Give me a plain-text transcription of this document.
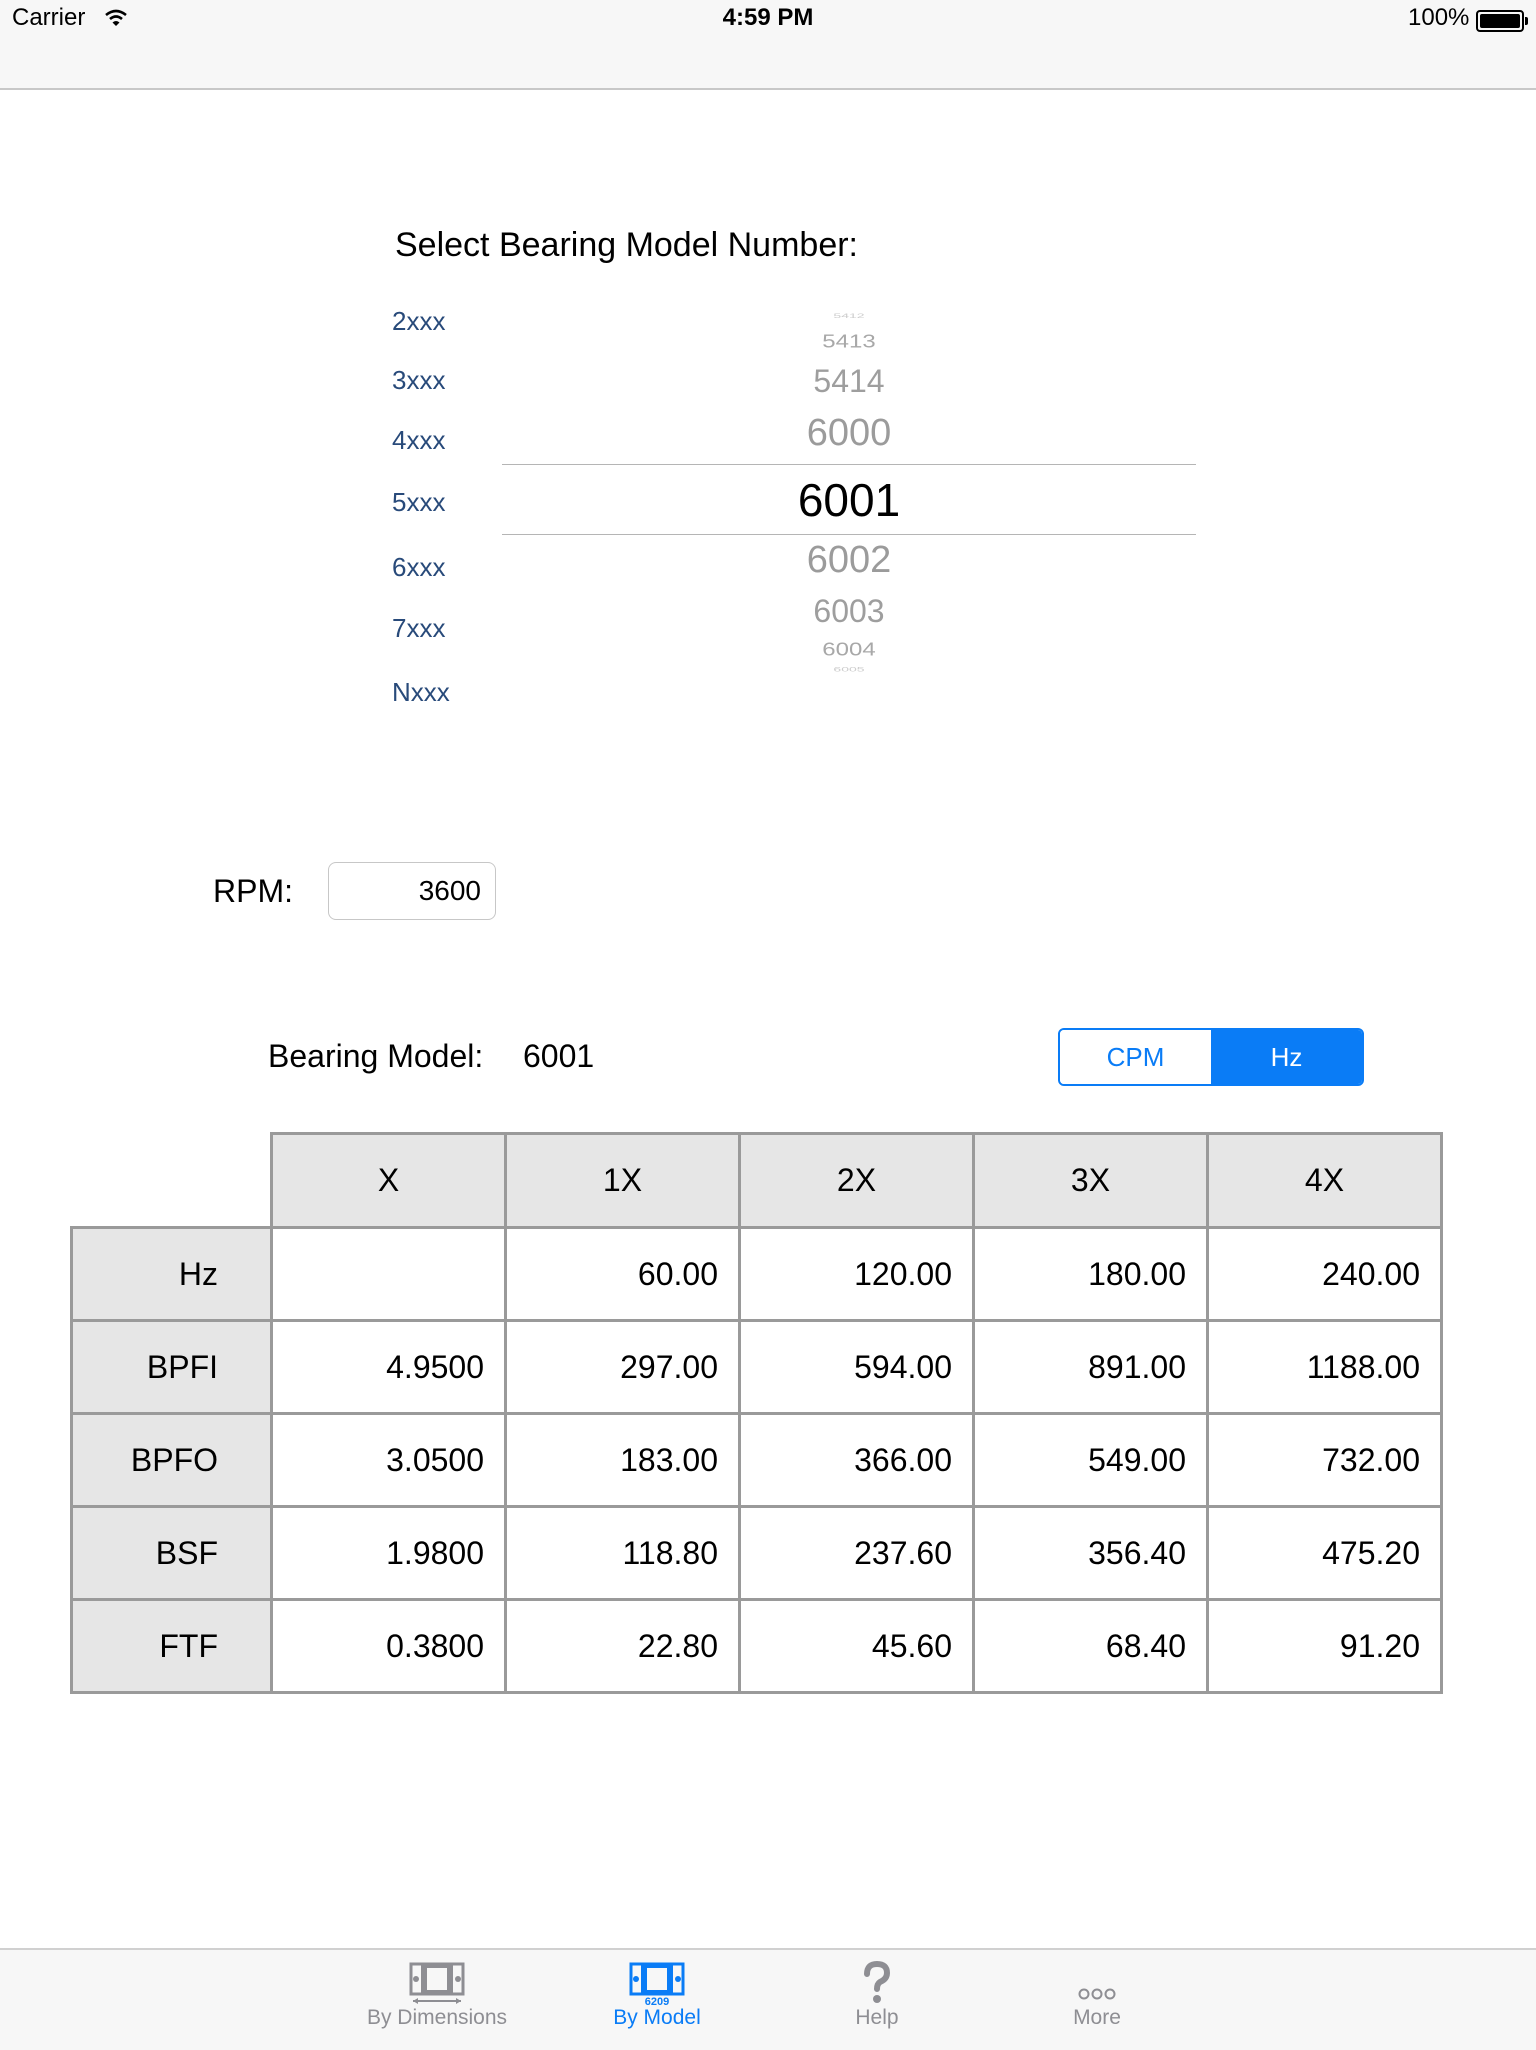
Carrier	4:59 PM	100%
Select Bearing Model Number:
2xxx
3xxx
4xxx
5xxx
6xxx
7xxx
Nxxx
5412
5413
5414
6000
6001
6002
6003
6004
6005
RPM:
3600
Bearing Model: 6001	CPM	Hz
	X	1X	2X	3X	4X
Hz		60.00	120.00	180.00	240.00
BPFI	4.9500	297.00	594.00	891.00	1188.00
BPFO	3.0500	183.00	366.00	549.00	732.00
BSF	1.9800	118.80	237.60	356.40	475.20
FTF	0.3800	22.80	45.60	68.40	91.20
By Dimensions
6209
By Model	Help	More
